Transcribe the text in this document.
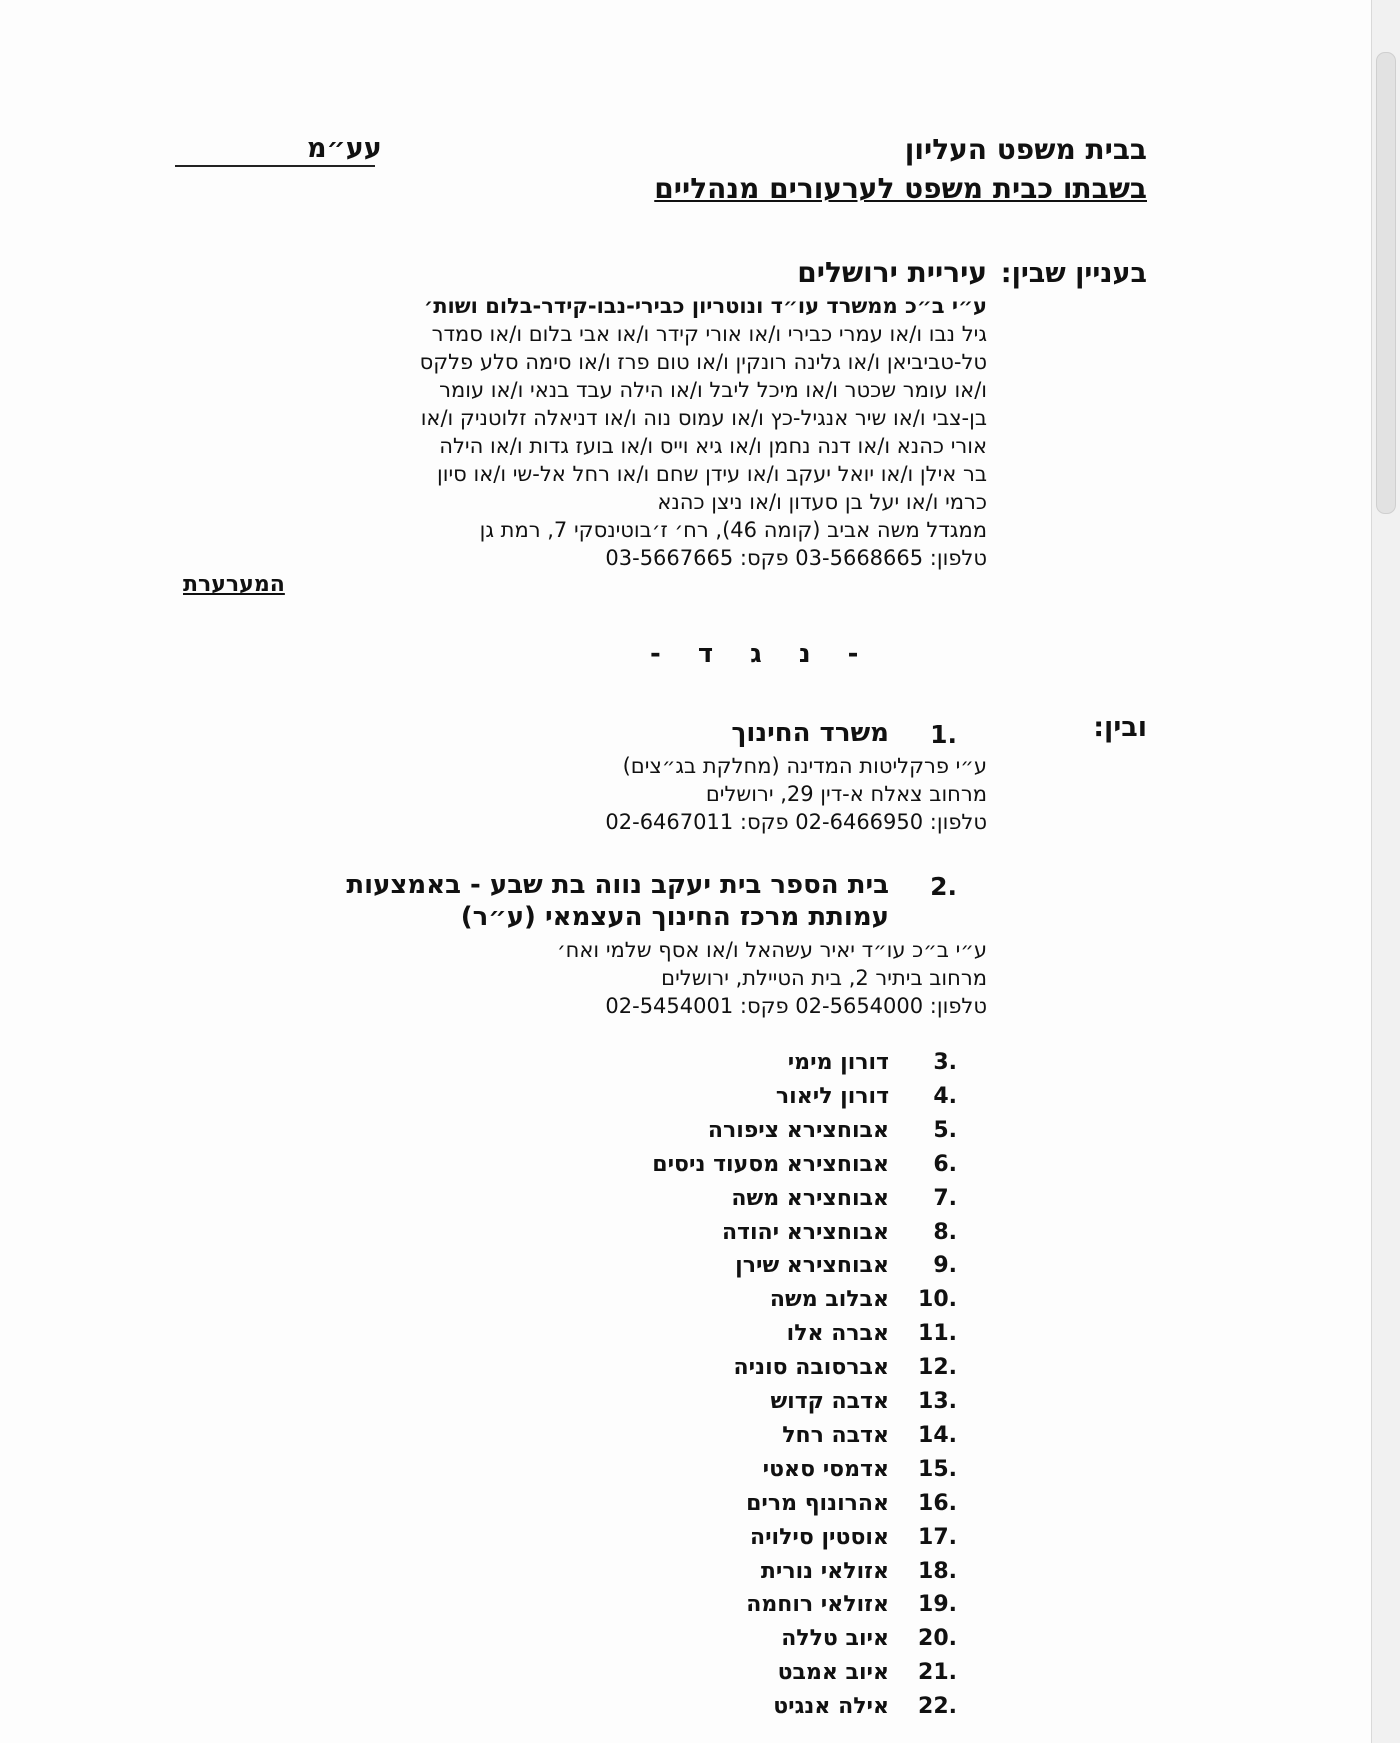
בבית משפט העליון
בשבתו כבית משפט לערעורים מנהליים
עע״מ
בעניין שבין:
עיריית ירושלים
ע״י ב״כ ממשרד עו״ד ונוטריון כבירי-נבו-קידר-בלום ושות׳
גיל נבו ו/או עמרי כבירי ו/או אורי קידר ו/או אבי בלום ו/או סמדר
טל-טביביאן ו/או גלינה רונקין ו/או טום פרז ו/או סימה סלע פלקס
ו/או עומר שכטר ו/או מיכל ליבל ו/או הילה עבד בנאי ו/או עומר
בן-צבי ו/או שיר אנגיל-כץ ו/או עמוס נוה ו/או דניאלה זלוטניק ו/או
אורי כהנא ו/או דנה נחמן ו/או גיא וייס ו/או בועז גדות ו/או הילה
בר אילן ו/או יואל יעקב ו/או עידן שחם ו/או רחל אל-שי ו/או סיון
כרמי ו/או יעל בן סעדון ו/או ניצן כהנא
ממגדל משה אביב (קומה 46), רח׳ ז׳בוטינסקי 7, רמת גן
טלפון: 03-5668665 פקס: 03-5667665
המערערת
- נ ג ד -
ובין:
1.
משרד החינוך
ע״י פרקליטות המדינה (מחלקת בג״צים)
מרחוב צאלח א-דין 29, ירושלים
טלפון: 02-6466950 פקס: 02-6467011
2.
בית הספר בית יעקב נווה בת שבע - באמצעות
עמותת מרכז החינוך העצמאי (ע״ר)
ע״י ב״כ עו״ד יאיר עשהאל ו/או אסף שלמי ואח׳
מרחוב ביתיר 2, בית הטיילת, ירושלים
טלפון: 02-5654000 פקס: 02-5454001
3.
דורון מימי
4.
דורון ליאור
5.
אבוחצירא ציפורה
6.
אבוחצירא מסעוד ניסים
7.
אבוחצירא משה
8.
אבוחצירא יהודה
9.
אבוחצירא שירן
10.
אבלוב משה
11.
אברה אלו
12.
אברסובה סוניה
13.
אדבה קדוש
14.
אדבה רחל
15.
אדמסי סאטי
16.
אהרונוף מרים
17.
אוסטין סילויה
18.
אזולאי נורית
19.
אזולאי רוחמה
20.
איוב טללה
21.
איוב אמבט
22.
אילה אנגיט
